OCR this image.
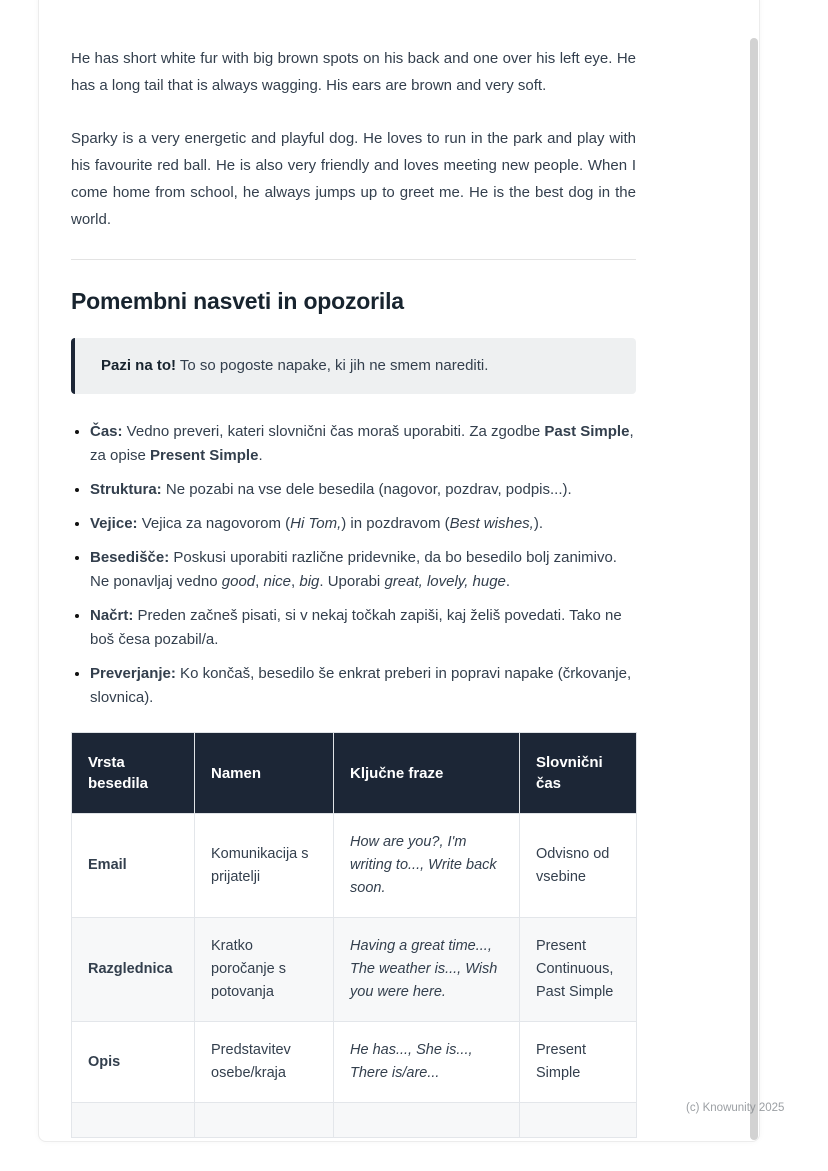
He has short white fur with big brown spots on his back and one over his left eye. He has a long tail that is always wagging. His ears are brown and very soft.

Sparky is a very energetic and playful dog. He loves to run in the park and play with his favourite red ball. He is also very friendly and loves meeting new people. When I come home from school, he always jumps up to greet me. He is the best dog in the world.

Pomembni nasveti in opozorila
Pazi na to! To so pogoste napake, ki jih ne smem narediti.
• Čas: Vedno preveri, kateri slovnični čas moraš uporabiti. Za zgodbe Past Simple, za opise Present Simple.
• Struktura: Ne pozabi na vse dele besedila (nagovor, pozdrav, podpis...).
• Vejice: Vejica za nagovorom (Hi Tom,) in pozdravom (Best wishes,).
• Besedišče: Poskusi uporabiti različne pridevnike, da bo besedilo bolj zanimivo. Ne ponavljaj vedno good, nice, big. Uporabi great, lovely, huge.
• Načrt: Preden začneš pisati, si v nekaj točkah zapiši, kaj želiš povedati. Tako ne boš česa pozabil/a.
• Preverjanje: Ko končaš, besedilo še enkrat preberi in popravi napake (črkovanje, slovnica).
Vrsta besedila	Namen	Ključne fraze	Slovnični čas
Email	Komunikacija s prijatelji	How are you?, I'm writing to..., Write back soon.	Odvisno od vsebine
Razglednica	Kratko poročanje s potovanja	Having a great time..., The weather is..., Wish you were here.	Present Continuous, Past Simple
Opis	Predstavitev osebe/kraja	He has..., She is..., There is/are...	Present Simple

(c) Knowunity 2025
